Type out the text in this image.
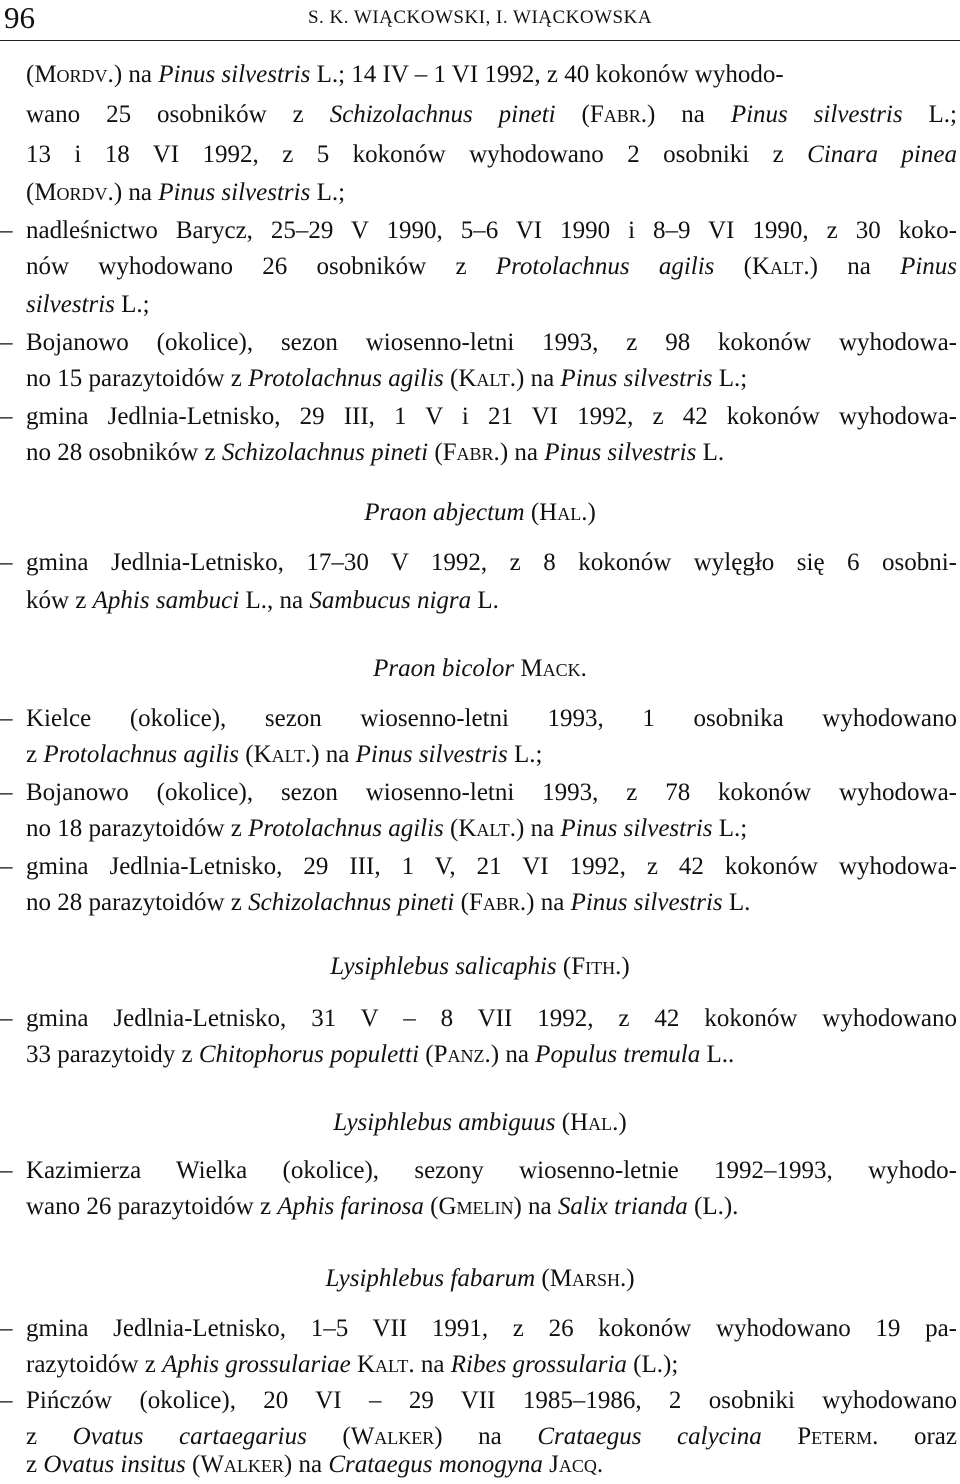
96	S. K. WIĄCKOWSKI, I. WIĄCKOWSKA
(Mordv.) na Pinus silvestris L.; 14 IV – 1 VI 1992, z 40 kokonów wyhodo-
wano 25 osobników z Schizolachnus pineti (Fabr.) na Pinus silvestris L.;
13 i 18 VI 1992, z 5 kokonów wyhodowano 2 osobniki z Cinara pinea
(Mordv.) na Pinus silvestris L.;
– nadleśnictwo Barycz, 25–29 V 1990, 5–6 VI 1990 i 8–9 VI 1990, z 30 koko-
nów wyhodowano 26 osobników z Protolachnus agilis (Kalt.) na Pinus
silvestris L.;
– Bojanowo (okolice), sezon wiosenno-letni 1993, z 98 kokonów wyhodowa-
no 15 parazytoidów z Protolachnus agilis (Kalt.) na Pinus silvestris L.;
– gmina Jedlnia-Letnisko, 29 III, 1 V i 21 VI 1992, z 42 kokonów wyhodowa-
no 28 osobników z Schizolachnus pineti (Fabr.) na Pinus silvestris L.
Praon abjectum (Hal.)
– gmina Jedlnia-Letnisko, 17–30 V 1992, z 8 kokonów wylęgło się 6 osobni-
ków z Aphis sambuci L., na Sambucus nigra L.
Praon bicolor Mack.
– Kielce (okolice), sezon wiosenno-letni 1993, 1 osobnika wyhodowano
z Protolachnus agilis (Kalt.) na Pinus silvestris L.;
– Bojanowo (okolice), sezon wiosenno-letni 1993, z 78 kokonów wyhodowa-
no 18 parazytoidów z Protolachnus agilis (Kalt.) na Pinus silvestris L.;
– gmina Jedlnia-Letnisko, 29 III, 1 V, 21 VI 1992, z 42 kokonów wyhodowa-
no 28 parazytoidów z Schizolachnus pineti (Fabr.) na Pinus silvestris L.
Lysiphlebus salicaphis (Fith.)
– gmina Jedlnia-Letnisko, 31 V – 8 VII 1992, z 42 kokonów wyhodowano
33 parazytoidy z Chitophorus populetti (Panz.) na Populus tremula L..
Lysiphlebus ambiguus (Hal.)
– Kazimierza Wielka (okolice), sezony wiosenno-letnie 1992–1993, wyhodo-
wano 26 parazytoidów z Aphis farinosa (Gmelin) na Salix trianda (L.).
Lysiphlebus fabarum (Marsh.)
– gmina Jedlnia-Letnisko, 1–5 VII 1991, z 26 kokonów wyhodowano 19 pa-
razytoidów z Aphis grossulariae Kalt. na Ribes grossularia (L.);
– Pińczów (okolice), 20 VI – 29 VII 1985–1986, 2 osobniki wyhodowano
z Ovatus cartaegarius (Walker) na Crataegus calycina Peterm. oraz
z Ovatus insitus (Walker) na Crataegus monogyna Jacq.
